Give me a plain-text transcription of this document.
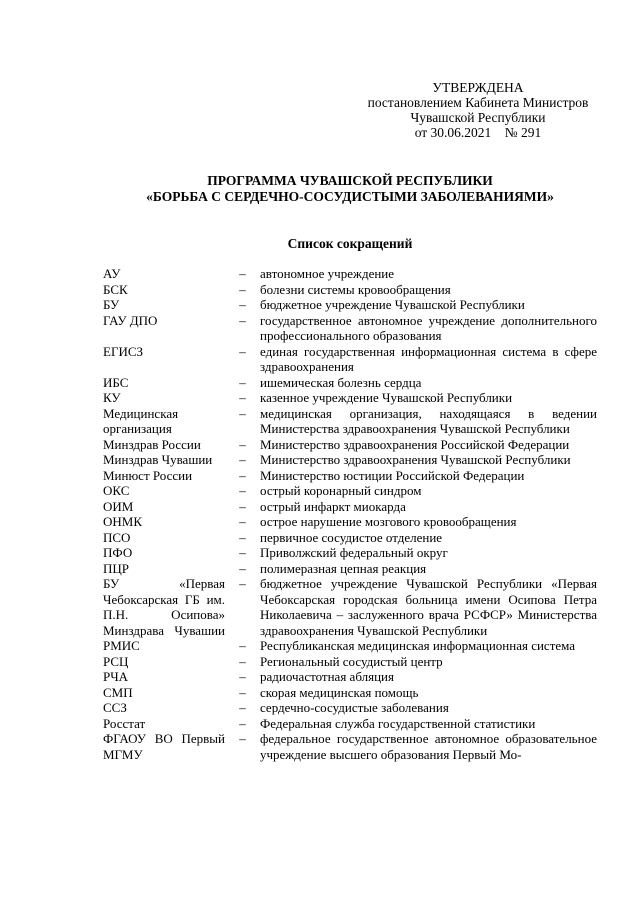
УТВЕРЖДЕНА
постановлением Кабинета Министров
Чувашской Республики
от 30.06.2021    № 291
ПРОГРАММА ЧУВАШСКОЙ РЕСПУБЛИКИ
«БОРЬБА С СЕРДЕЧНО-СОСУДИСТЫМИ ЗАБОЛЕВАНИЯМИ»
Список сокращений
АУ	–	автономное учреждение
БСК	–	болезни системы кровообращения
БУ	–	бюджетное учреждение Чувашской Республики
ГАУ ДПО	–	государственное автономное учреждение дополнительного профессионального образования
ЕГИСЗ	–	единая государственная информационная система в сфере здравоохранения
ИБС	–	ишемическая болезнь сердца
КУ	–	казенное учреждение Чувашской Республики
Медицинская организация	–	медицинская организация, находящаяся в ведении Министерства здравоохранения Чувашской Республики
Минздрав России	–	Министерство здравоохранения Российской Федерации
Минздрав Чувашии	–	Министерство здравоохранения Чувашской Республики
Минюст России	–	Министерство юстиции Российской Федерации
ОКС	–	острый коронарный синдром
ОИМ	–	острый инфаркт миокарда
ОНМК	–	острое нарушение мозгового кровообращения
ПСО	–	первичное сосудистое отделение
ПФО	–	Приволжский федеральный округ
ПЦР	–	полимеразная цепная реакция
БУ «Первая Чебоксарская ГБ им. П.Н. Осипова» Минздрава Чувашии	–	бюджетное учреждение Чувашской Республики «Первая Чебоксарская городская больница имени Осипова Петра Николаевича – заслуженного врача РСФСР» Министерства здравоохранения Чувашской Республики
РМИС	–	Республиканская медицинская информационная система
РСЦ	–	Региональный сосудистый центр
РЧА	–	радиочастотная абляция
СМП	–	скорая медицинская помощь
ССЗ	–	сердечно-сосудистые заболевания
Росстат	–	Федеральная служба государственной статистики
ФГАОУ ВО Первый МГМУ	–	федеральное государственное автономное образовательное учреждение высшего образования Первый Мо-
